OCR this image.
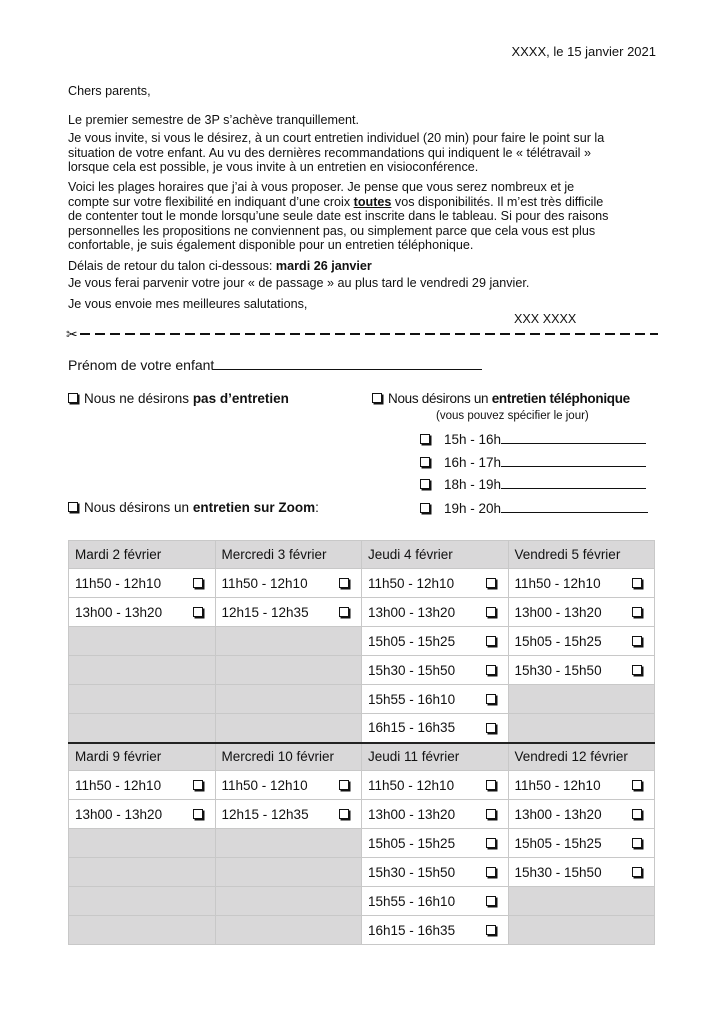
XXXX, le 15 janvier 2021
Chers parents,
Le premier semestre de 3P s’achève tranquillement.
Je vous invite, si vous le désirez, à un court entretien individuel (20 min) pour faire le point sur la
situation de votre enfant. Au vu des dernières recommandations qui indiquent le « télétravail »
lorsque cela est possible, je vous invite à un entretien en visioconférence.
Voici les plages horaires que j’ai à vous proposer. Je pense que vous serez nombreux et je
compte sur votre flexibilité en indiquant d’une croix toutes vos disponibilités. Il m’est très difficile
de contenter tout le monde lorsqu’une seule date est inscrite dans le tableau. Si pour des raisons
personnelles les propositions ne conviennent pas, ou simplement parce que cela vous est plus
confortable, je suis également disponible pour un entretien téléphonique.
Délais de retour du talon ci-dessous: mardi 26 janvier
Je vous ferai parvenir votre jour « de passage » au plus tard le vendredi 29 janvier.
Je vous envoie mes meilleures salutations,
XXX XXXX
✂
Prénom de votre enfant
Nous ne désirons pas d’entretien	Nous désirons un entretien téléphonique
(vous pouvez spécifier le jour)
15h - 16h
16h - 17h
18h - 19h
19h - 20h
Nous désirons un entretien sur Zoom:
Mardi 2 février	Mercredi 3 février	Jeudi 4 février	Vendredi 5 février

11h50 - 12h10	11h50 - 12h10	11h50 - 12h10	11h50 - 12h10

13h00 - 13h20	12h15 - 12h35	13h00 - 13h20	13h00 - 13h20

		15h05 - 15h25	15h05 - 15h25

		15h30 - 15h50	15h30 - 15h50

		15h55 - 16h10	

		16h15 - 16h35	

Mardi 9 février	Mercredi 10 février	Jeudi 11 février	Vendredi 12 février

11h50 - 12h10	11h50 - 12h10	11h50 - 12h10	11h50 - 12h10

13h00 - 13h20	12h15 - 12h35	13h00 - 13h20	13h00 - 13h20

		15h05 - 15h25	15h05 - 15h25

		15h30 - 15h50	15h30 - 15h50

		15h55 - 16h10	

		16h15 - 16h35	
